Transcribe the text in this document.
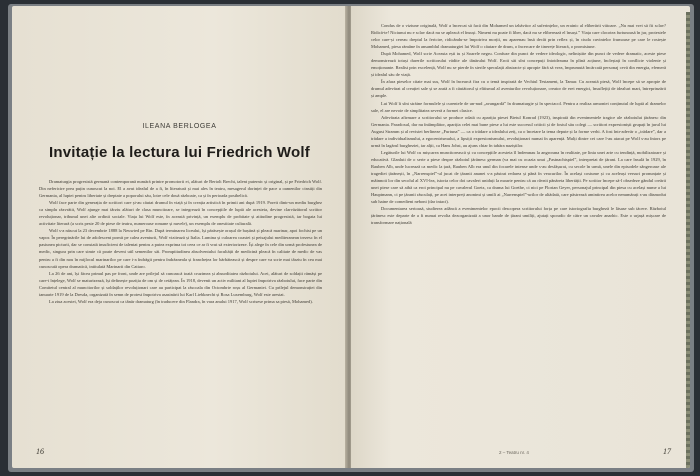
ILEANA BERLOGEA
Invitație la lectura lui Friedrich Wolf

Dramaturgia progresistă germană contemporană numără printre promotorii ei, alături de Bertolt Brecht, talent puternic și original, și pe Friedrich Wolf. Din nefericire prea puțin cunoscut la noi. El a avut idealul de a fi, în literatură și mai ales în teatru, mesagerul dorinței de pace a oamenilor cinstiți din Germania, al luptei pentru libertate și dreptate a poporului său, lotre cele două războaie, ca și în perioada postbelică.

Wolf face parte din generația de scriitori care și-au căutat drumul în viață și în creația artistică în primii ani după 1919. Poreit dintr-un mediu burghez ca simplu răzvrătit, Wolf ajunge mai târziu alături de clasa muncitoare, se integrează în concepțiile de luptă ale acesteia, devine clarvăzătorul scriitor revoluționar, tribunul unei alte ordinii sociale. Viața lui Wolf este, în această privință, un exemplu de probitate și atitudine progresistă, iar bogata lui activitate literară (a scris peste 20 de piese de teatru, numeroase romane și nuvele), un exemplu de onestitate culturală.

Wolf s-a născut la 23 decembrie 1888 la Neuwied pe Rin. După terminarea liceului, își părăsește orașul de baștină și pleacă marinar, apoi fochist pe un vapor. În peregrinările lui de adolescent pornit pe calea aventurii, Wolf vizitează și Italia. Lumina și culoarea coastei și peisajului mediteranean trezesc în el pasiunea picturii, dar se constată insuficient de talentat pentru a putea exprima tot ceea ce ar fi vrut să exteriorizeze. Își alege în cele din urmă profesiunea de medic, singura prin care simte că poate deveni util semenilor săi. Promptitudinea absolventului facultății de medicină pleacă în calitate de medic de vas pentru a fi din nou în mijlocul marinarilor pe care i-a îndrăgit pentru îndrăzneala și franchețea lor bărbătească și despre care va scrie mai târziu în cea mai cunoscută opera dramatică, intitulată Marinarii din Cattaro.

La 26 de ani, își făcea primul pas pe front, unde are prilejul să cunoască toată cruzimea și absurditatea războiului. Acei, alături de soldații rămăși pe care-i înțelege, Wolf se maturizează, își definește poziția de om și de cetățean. În 1918, devenit un activ militant al luptei împotriva războiului, face parte din Comitetul central al muncitorilor și soldaților revoluționari care au participat la răscoala din Octombrie roșu al Germaniei. Cu prilejul demonstrației din ianuarie 1919 de la Dresda, organizată în semn de protest împotriva asasinării lui Karl Liebknecht și Rosa Luxemburg, Wolf este arestat.

La ziua acestei, Wolf era deja cunoscut ca tânăr dramaturg (în traducere din Flandra, în vara anului 1917, Wolf scrisese prima sa piesă, Mohamed).

16

Condus de o viziune originală, Wolf a încercat să facă din Mohamed un izbăvitor al suferințelor, un erainic al eliberării viitoare. „Nu mai vrei să fii sclav? Ridică-te! Niciunui nu e sclav dacă nu se apleacă el însuși. Nimeni nu poate fi liber, dacă nu se eliberează el însuși.” Viața care clocotea furtunoasă în jur, protestele celor care-și cereau dreptul la fericire, ridicându-se împotriva morții, nu aparenau însă decât prin reflex și, în ciuda cuvintelor frumoase pe care le rostește Mohamed, piesa rămâne în ansamblul dramaturgiei lui Wolf o căutare de drum, o încercare de tinerețe literară, o promisiune.

După Mohamed, Wolf scrie Aceasta ești tu și Soarele negru. Confuze din punct de vedere ideologic, neliniștite din punct de vedere dramatic, aceste piese demonstrează totuși durerile scriitorului vădite ale tânărului Wolf. Eroii săi sînt concepuți întotdeauna în plină acțiune, încleștați în conflicte violente și emoționante. Realist prin excelență, Wolf nu se pierde în sterile speculații abstracte și apropie fără să vrea, împrumută încărcată personaj cevă din energia, efemeră și idealul său de viață.

În afara pieselor citate mai sus, Wolf în încearcă fira cu o temă inspirată de Vechiul Testament, la Tamar. Cu această piesă, Wolf începe să se apropie de drumul adevărat al creației sale și se arată a fi căutătorul și elitismul al aventurilor revoluționare, creator de erei energici, însuflețiți de idealuri mari, întreprinzării și ample.

Lui Wolf îi sînt străine formulele și curentele de un-nud „avangardă” în dramaturgie și în spectacol. Pentru a realiza armoniei conținutul de luptă al dramelor sale, el are nevoie de simplitatea severă a formei clasice.

Adevărata afirmare a scriitorului se produce odată cu apariția piesei Bietul Konrad (1923), inspirată din evenimentele tragice ale războiului țărănesc din Germania. Paradoxal, dar nu întâmplător, apariția celei mai bune piese a lui este succesul criticii și de fostul său colegi — scriitori expresioniști grupați în jurul lui August Stramm și al revistei berlineze „Furtuna” — ca o trădare a idealului zeiț, ca o încetare la tema depute și la forme verhi. A fost într-adevăr o „trădare”, dar a trădare a individualismului, a egocentrismului, a lipsiții expresionismului, revoluționari numai în aparență. Mulți dintre cei care l-au atacat pe Wolf s-au întors pe urmă în lagărul burgheziei, iar alții, ca Hans Johst, au ajuns chiar în tabăra naziștilor.

Legăturile lui Wolf cu mișcarea muncitorească și cu concepțiile acesteia îl îndemnau la angrorana în realitate, pe linia unei arte cu tendință, mobilizatoare și educativă. Glanluti de o serie a piese despre războiul țărănesc german (va mai cu ocazia unui „Fastnachtspiel”, interpretat de țărani. La care însulă în 1929, în Rauben Alb, unde lucrează ca medic la țară, Rauben Alb era unul din focarele intense unde s-au desfășurat, cu secole în urmă, unele din episodele sângeroase ale tragediei țărănești, în „Narrenspiel”-ul jucat de țăranii ananei s-a păstrat redarea și până în veacurilor. În același costume și cu aceleași versuri pronunțate și mâinnoii lor din secolul al XVI-lea, istoria celor doi cavaleri uniduți la moarte pentru că au râvnit pânăreta libertății. Pe scriitor începe să-l obsedeze gândul creării unei piese care să aibă ca eroi principal nu pe cavalerul Goetz, ca drama lui Goethe, ci nici pe Florian Geyer, personajul principal din piesa cu același nume a lui Hauptmann, ci pe țăranii răsculați, pe acei interpreți anonimi și umili ai „Narrenspiel”-urilor de altădată, care păstrează amintirea acelor nenumărați s-au dăsmodut sub haine de comedieni neboni (dar intact).

Documentarea serioasă, studierea adâncă a evenimentelor epocii descopera scriitorului forța pe care istoriografia burgheză le lăsase sub tăcere. Războiul țărănesc este departe de a fi numai revolta dezorganizată a unor bande de țărani umiliți, ajutați sporadic de către un cavaler anarhic. Este o urjașă mișcare de transformare națională

2 – Teatru nr. 4	17
